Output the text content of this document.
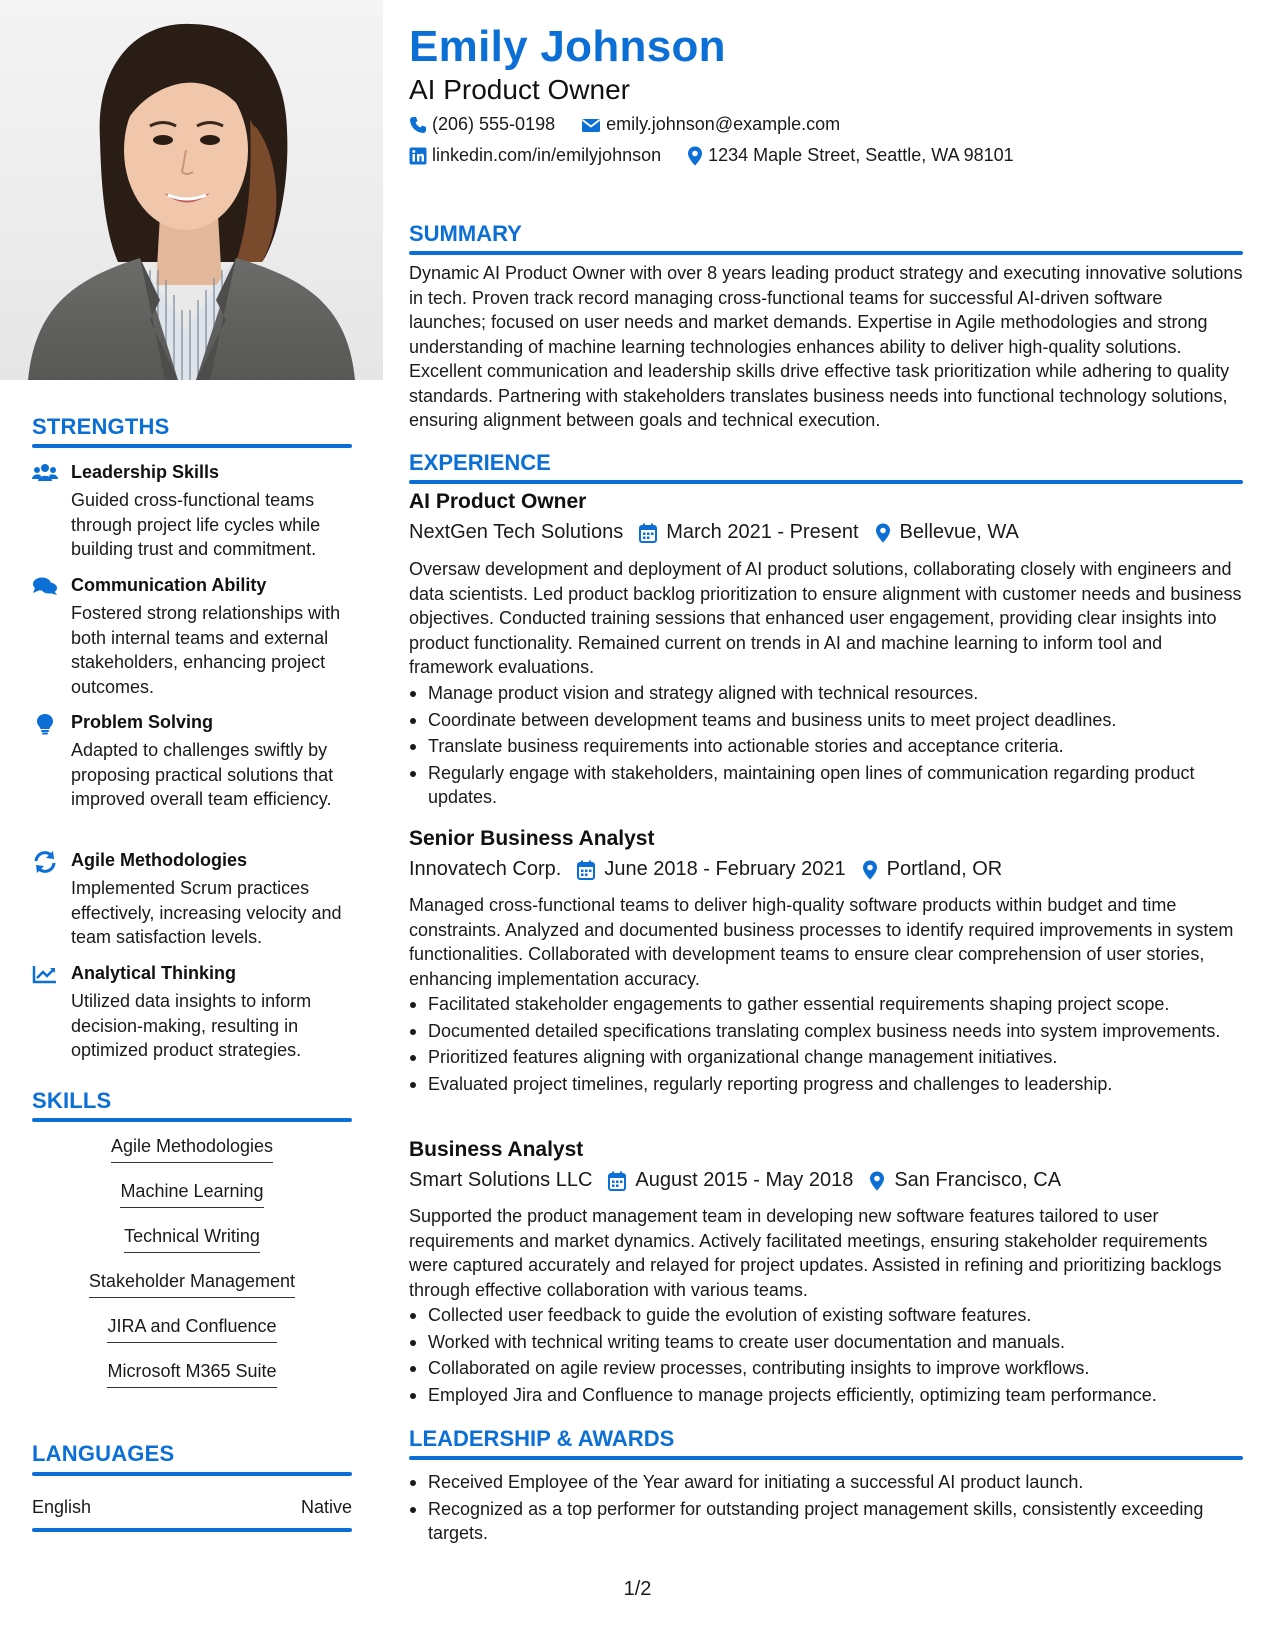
STRENGTHS
Leadership Skills
Guided cross-functional teams through project life cycles while building trust and commitment.
Communication Ability
Fostered strong relationships with both internal teams and external stakeholders, enhancing project outcomes.
Problem Solving
Adapted to challenges swiftly by proposing practical solutions that improved overall team efficiency.
Agile Methodologies
Implemented Scrum practices effectively, increasing velocity and team satisfaction levels.
Analytical Thinking
Utilized data insights to inform decision-making, resulting in optimized product strategies.
SKILLS
Agile Methodologies
Machine Learning
Technical Writing
Stakeholder Management
JIRA and Confluence
Microsoft M365 Suite
LANGUAGES
English	Native
Emily Johnson
AI Product Owner
(206) 555-0198	emily.johnson@example.com
linkedin.com/in/emilyjohnson	1234 Maple Street, Seattle, WA 98101
SUMMARY
Dynamic AI Product Owner with over 8 years leading product strategy and executing innovative solutions in tech. Proven track record managing cross-functional teams for successful AI-driven software launches; focused on user needs and market demands. Expertise in Agile methodologies and strong understanding of machine learning technologies enhances ability to deliver high-quality solutions. Excellent communication and leadership skills drive effective task prioritization while adhering to quality standards. Partnering with stakeholders translates business needs into functional technology solutions, ensuring alignment between goals and technical execution.
EXPERIENCE
AI Product Owner
NextGen Tech Solutions March 2021 - Present Bellevue, WA
Oversaw development and deployment of AI product solutions, collaborating closely with engineers and data scientists. Led product backlog prioritization to ensure alignment with customer needs and business objectives. Conducted training sessions that enhanced user engagement, providing clear insights into product functionality. Remained current on trends in AI and machine learning to inform tool and framework evaluations.
Manage product vision and strategy aligned with technical resources.
Coordinate between development teams and business units to meet project deadlines.
Translate business requirements into actionable stories and acceptance criteria.
Regularly engage with stakeholders, maintaining open lines of communication regarding product updates.
Senior Business Analyst
Innovatech Corp. June 2018 - February 2021 Portland, OR
Managed cross-functional teams to deliver high-quality software products within budget and time constraints. Analyzed and documented business processes to identify required improvements in system functionalities. Collaborated with development teams to ensure clear comprehension of user stories, enhancing implementation accuracy.
Facilitated stakeholder engagements to gather essential requirements shaping project scope.
Documented detailed specifications translating complex business needs into system improvements.
Prioritized features aligning with organizational change management initiatives.
Evaluated project timelines, regularly reporting progress and challenges to leadership.
Business Analyst
Smart Solutions LLC August 2015 - May 2018 San Francisco, CA
Supported the product management team in developing new software features tailored to user requirements and market dynamics. Actively facilitated meetings, ensuring stakeholder requirements were captured accurately and relayed for project updates. Assisted in refining and prioritizing backlogs through effective collaboration with various teams.
Collected user feedback to guide the evolution of existing software features.
Worked with technical writing teams to create user documentation and manuals.
Collaborated on agile review processes, contributing insights to improve workflows.
Employed Jira and Confluence to manage projects efficiently, optimizing team performance.
LEADERSHIP & AWARDS
Received Employee of the Year award for initiating a successful AI product launch.
Recognized as a top performer for outstanding project management skills, consistently exceeding targets.
1/2
